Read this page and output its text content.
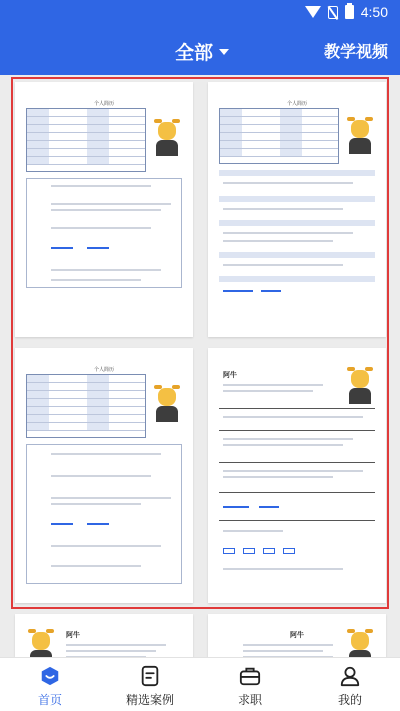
4:50
全部	教学视频
个人简历	个人简历
个人简历
阿牛
阿牛	阿牛
首页	精选案例	求职	我的
